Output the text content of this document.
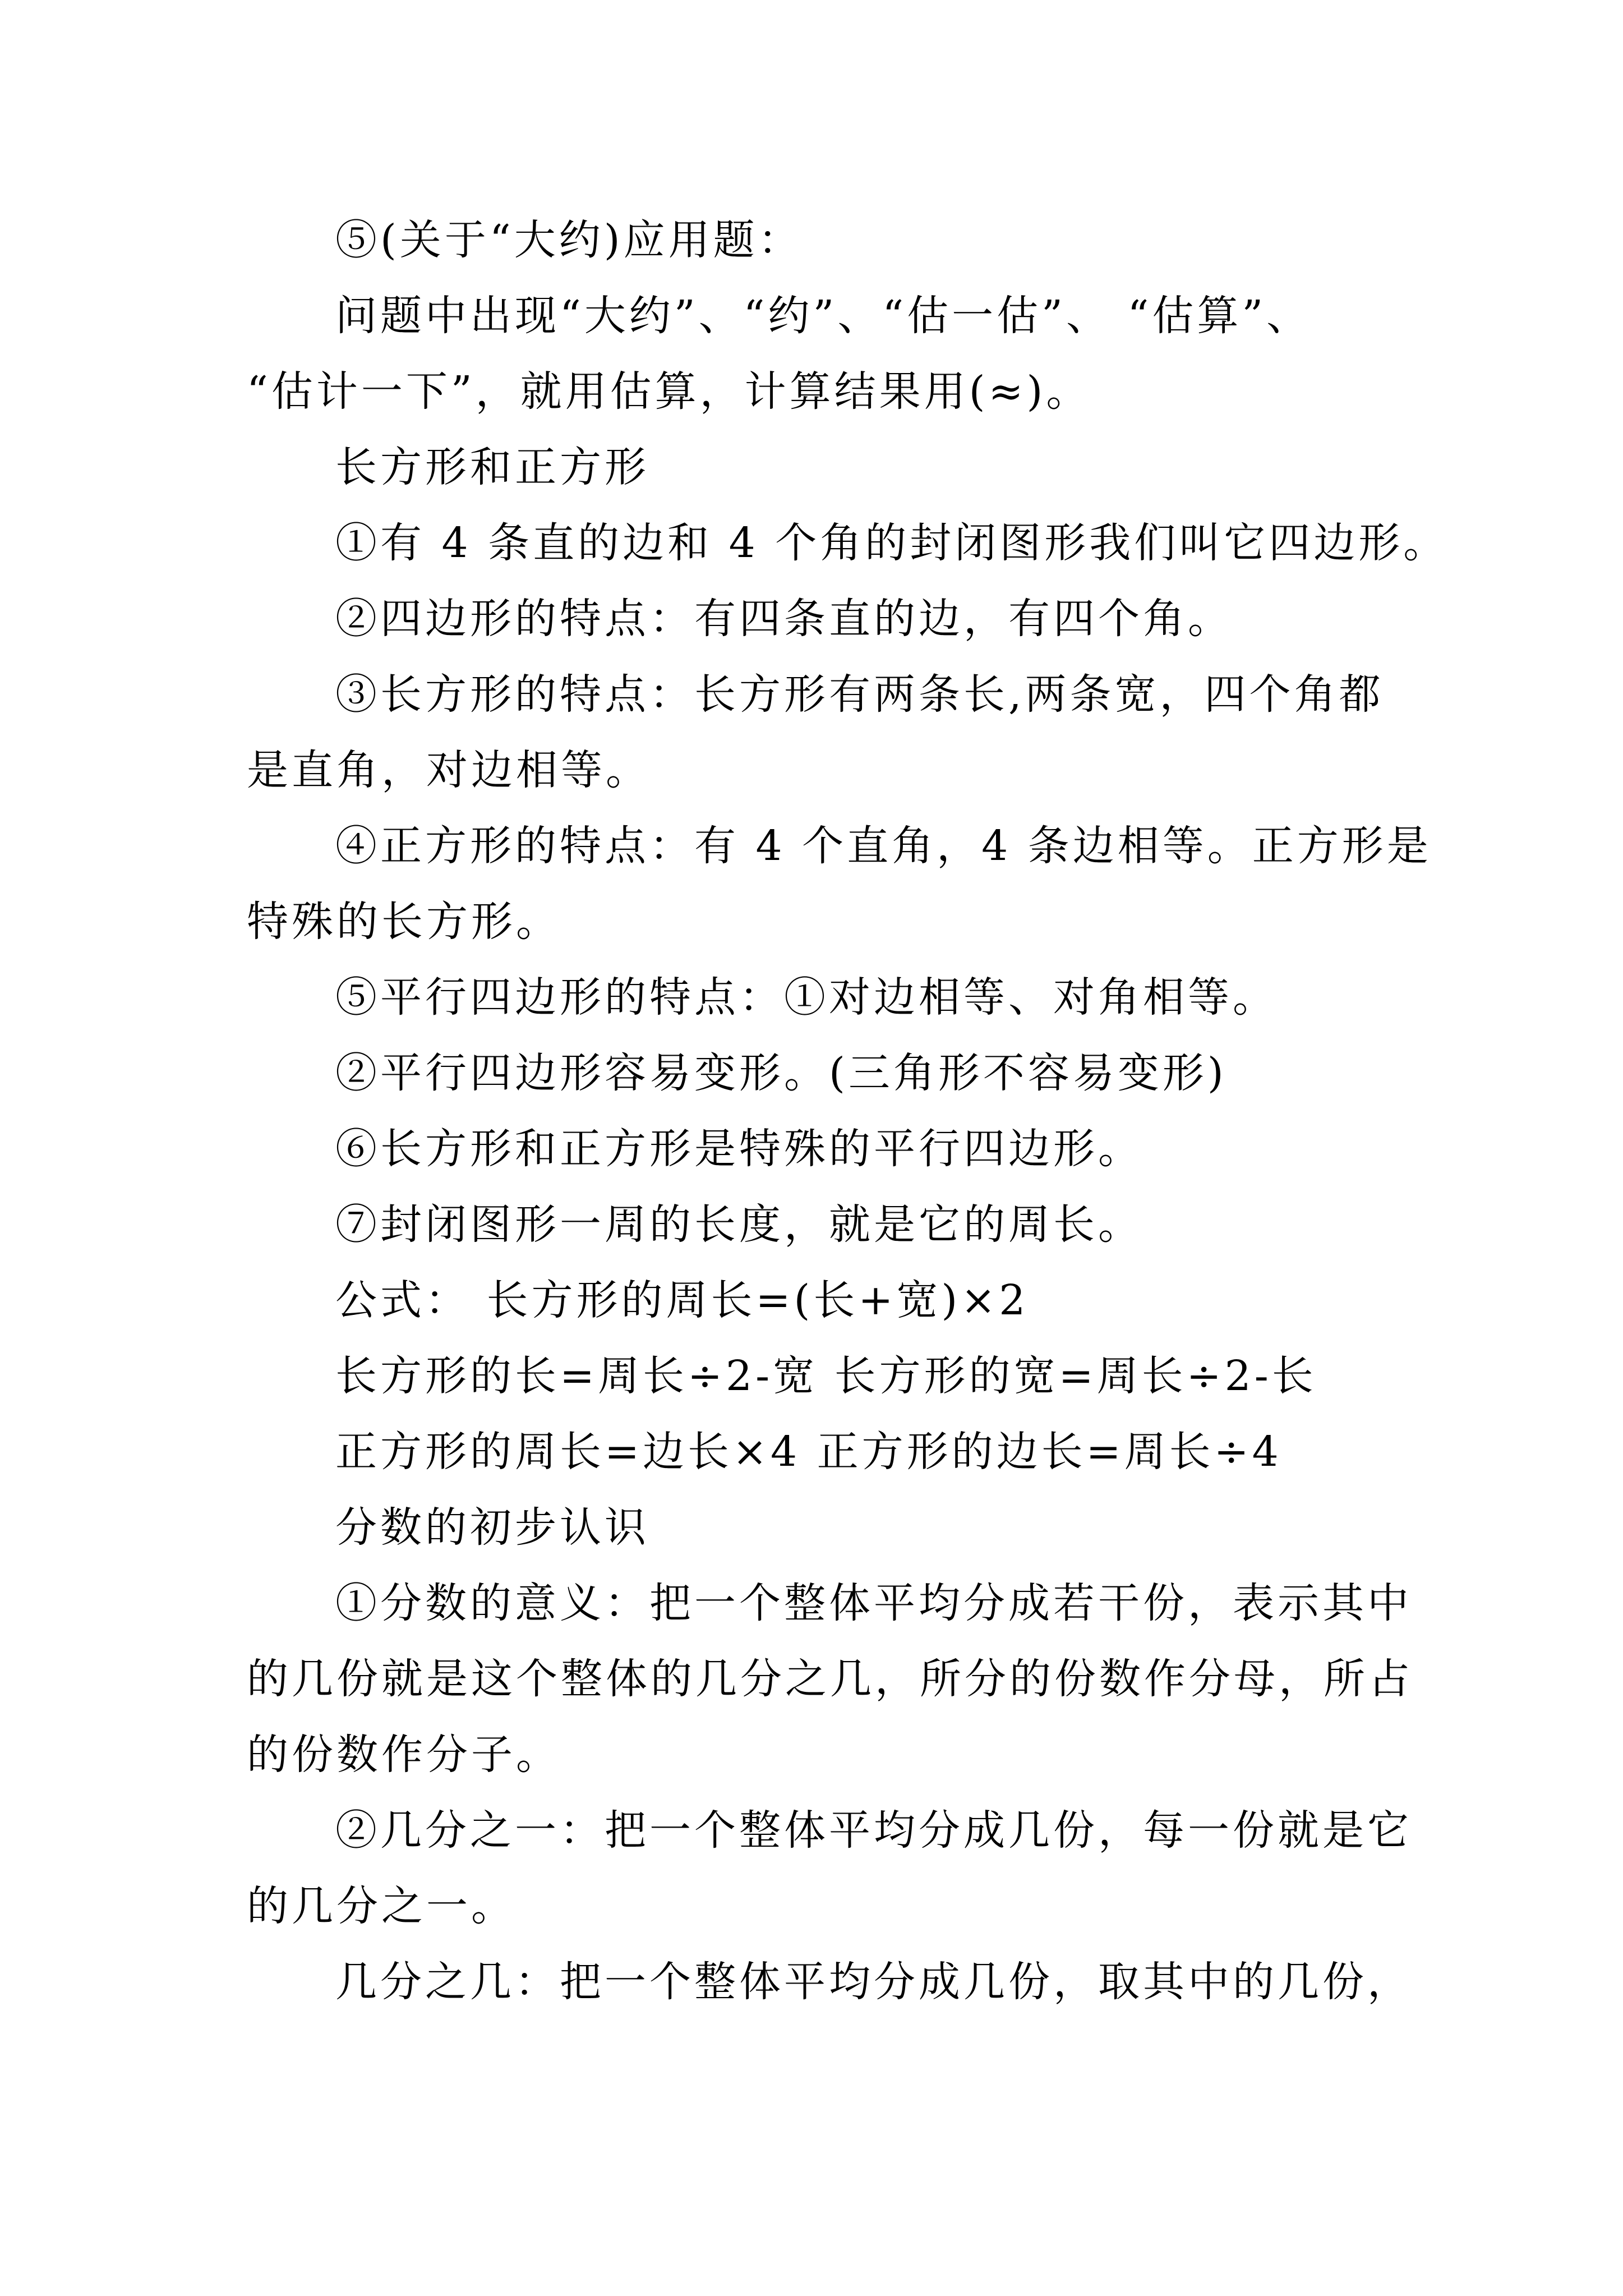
⑤(关于“大约)应用题：
问题中出现“大约”、“约”、“估一估”、 “估算”、
“估计一下”，就用估算，计算结果用(≈)。
长方形和正方形
①有 4 条直的边和 4 个角的封闭图形我们叫它四边形。
②四边形的特点：有四条直的边，有四个角。
③长方形的特点：长方形有两条长,两条宽，四个角都
是直角，对边相等。
④正方形的特点：有 4 个直角，4 条边相等。正方形是
特殊的长方形。
⑤平行四边形的特点：①对边相等、对角相等。
②平行四边形容易变形。(三角形不容易变形)
⑥长方形和正方形是特殊的平行四边形。
⑦封闭图形一周的长度，就是它的周长。
公式： 长方形的周长=(长+宽)×2
长方形的长=周长÷2-宽 长方形的宽=周长÷2-长
正方形的周长=边长×4 正方形的边长=周长÷4
分数的初步认识
①分数的意义：把一个整体平均分成若干份，表示其中
的几份就是这个整体的几分之几，所分的份数作分母，所占
的份数作分子。
②几分之一：把一个整体平均分成几份，每一份就是它
的几分之一。
几分之几：把一个整体平均分成几份，取其中的几份，
